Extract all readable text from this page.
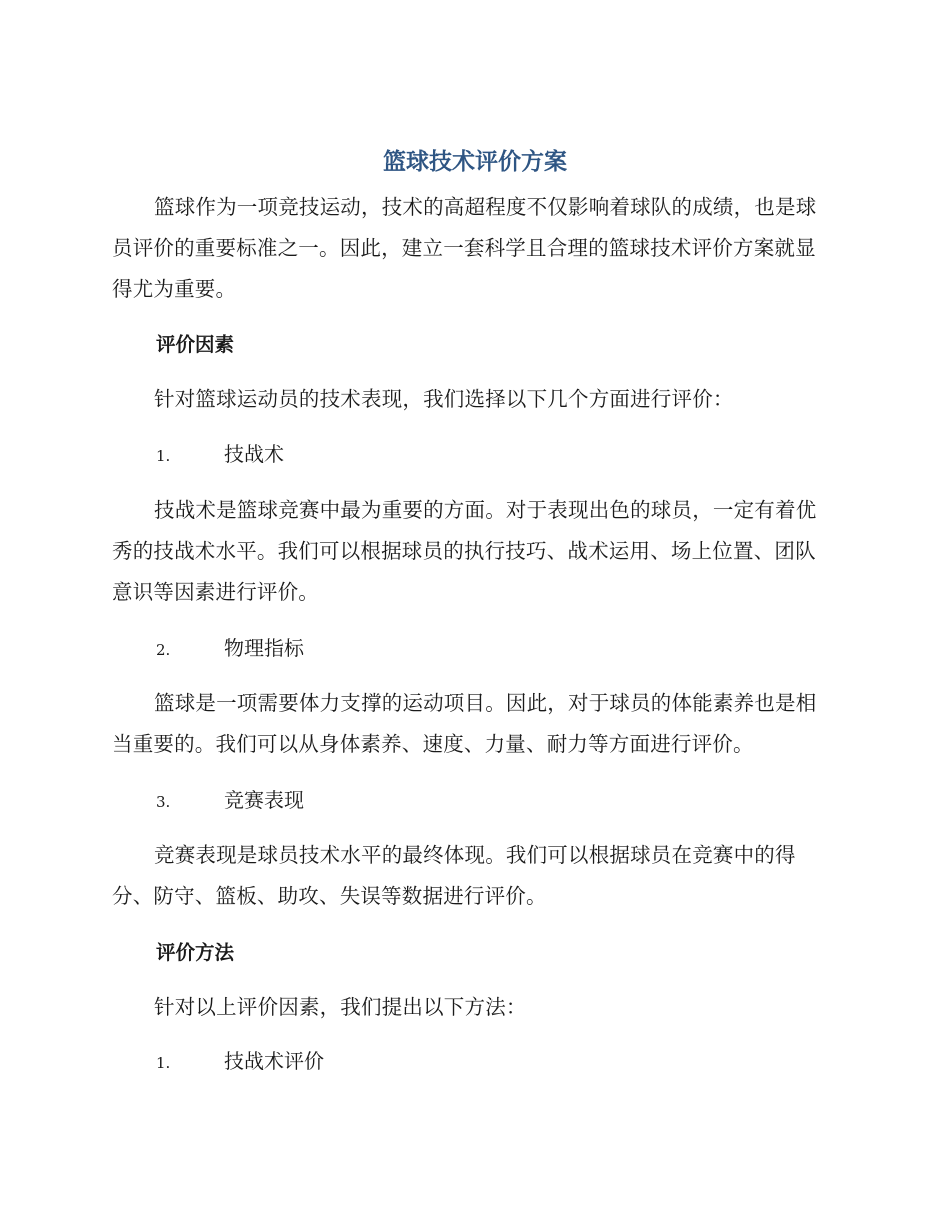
篮球技术评价方案

篮球作为一项竞技运动，技术的高超程度不仅影响着球队的成绩，也是球员评价的重要标准之一。因此，建立一套科学且合理的篮球技术评价方案就显得尤为重要。

评价因素

针对篮球运动员的技术表现，我们选择以下几个方面进行评价：

1.	技战术

技战术是篮球竞赛中最为重要的方面。对于表现出色的球员，一定有着优秀的技战术水平。我们可以根据球员的执行技巧、战术运用、场上位置、团队意识等因素进行评价。

2.	物理指标

篮球是一项需要体力支撑的运动项目。因此，对于球员的体能素养也是相当重要的。我们可以从身体素养、速度、力量、耐力等方面进行评价。

3.	竞赛表现

竞赛表现是球员技术水平的最终体现。我们可以根据球员在竞赛中的得分、防守、篮板、助攻、失误等数据进行评价。

评价方法

针对以上评价因素，我们提出以下方法：

1.	技战术评价
